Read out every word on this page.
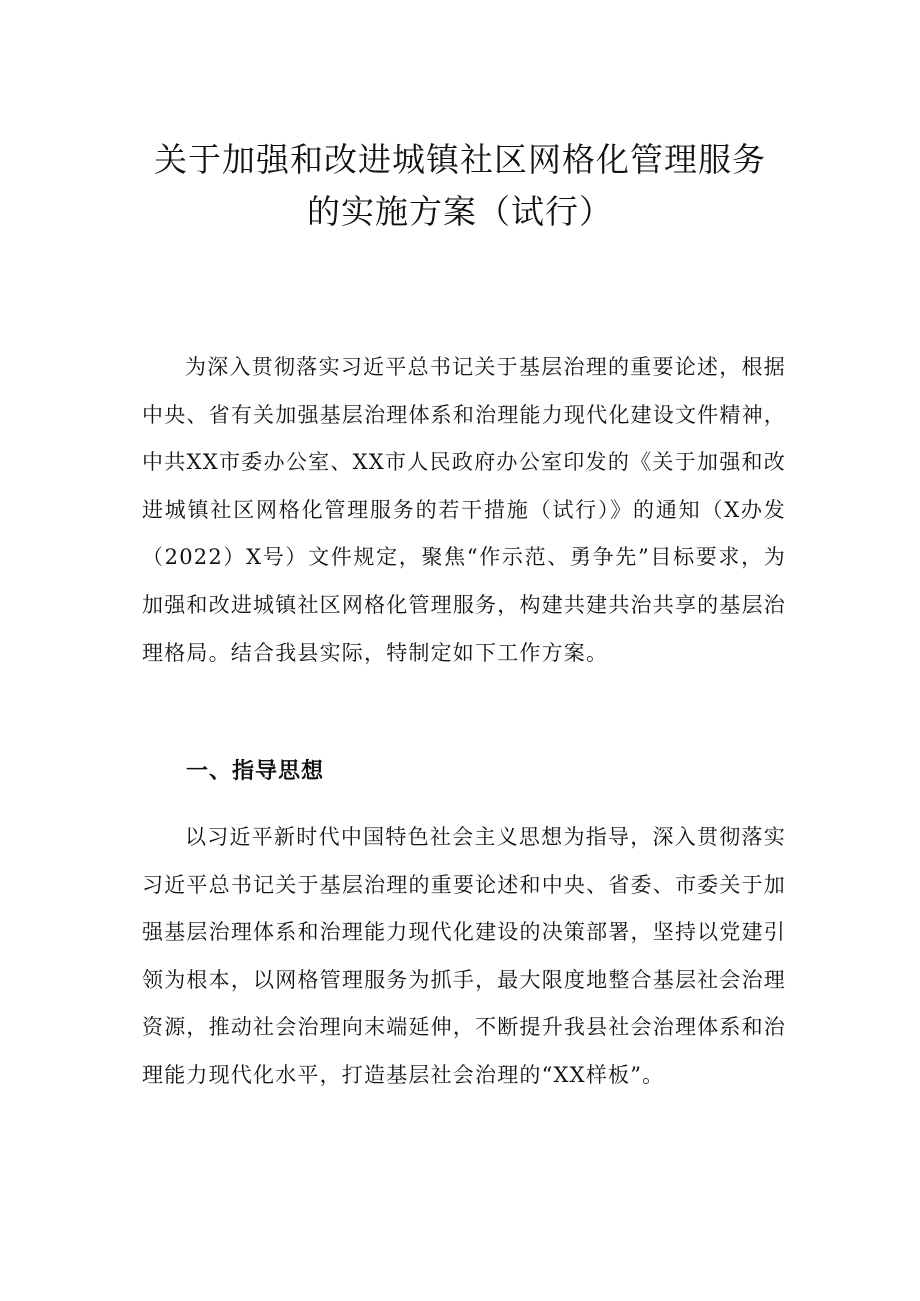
关于加强和改进城镇社区网格化管理服务
的实施方案（试行）

为深入贯彻落实习近平总书记关于基层治理的重要论述，根据中央、省有关加强基层治理体系和治理能力现代化建设文件精神，中共XX市委办公室、XX市人民政府办公室印发的《关于加强和改进城镇社区网格化管理服务的若干措施（试行）》的通知（X办发（2022）X号）文件规定，聚焦“作示范、勇争先”目标要求，为加强和改进城镇社区网格化管理服务，构建共建共治共享的基层治理格局。结合我县实际，特制定如下工作方案。

一、指导思想

以习近平新时代中国特色社会主义思想为指导，深入贯彻落实习近平总书记关于基层治理的重要论述和中央、省委、市委关于加强基层治理体系和治理能力现代化建设的决策部署，坚持以党建引领为根本，以网格管理服务为抓手，最大限度地整合基层社会治理资源，推动社会治理向末端延伸，不断提升我县社会治理体系和治理能力现代化水平，打造基层社会治理的“XX样板”。
